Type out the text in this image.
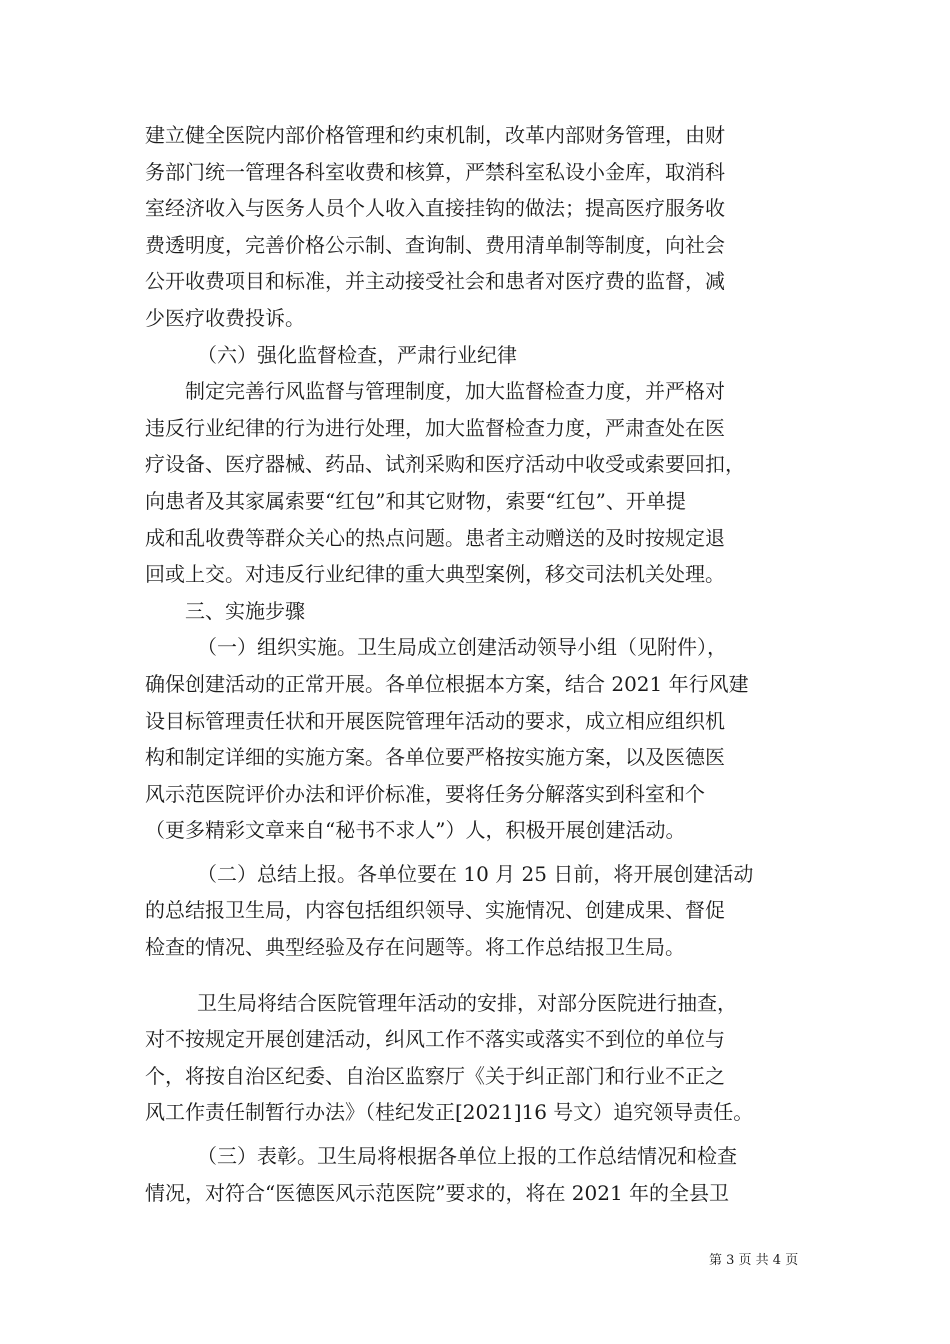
建立健全医院内部价格管理和约束机制，改革内部财务管理，由财
务部门统一管理各科室收费和核算，严禁科室私设小金库，取消科
室经济收入与医务人员个人收入直接挂钩的做法；提高医疗服务收
费透明度，完善价格公示制、查询制、费用清单制等制度，向社会
公开收费项目和标准，并主动接受社会和患者对医疗费的监督，减
少医疗收费投诉。

（六）强化监督检查，严肃行业纪律

制定完善行风监督与管理制度，加大监督检查力度，并严格对
违反行业纪律的行为进行处理，加大监督检查力度，严肃查处在医
疗设备、医疗器械、药品、试剂采购和医疗活动中收受或索要回扣，
向患者及其家属索要“红包”和其它财物，索要“红包”、开单提
成和乱收费等群众关心的热点问题。患者主动赠送的及时按规定退
回或上交。对违反行业纪律的重大典型案例，移交司法机关处理。

三、实施步骤

（一）组织实施。卫生局成立创建活动领导小组（见附件），
确保创建活动的正常开展。各单位根据本方案，结合 2021 年行风建
设目标管理责任状和开展医院管理年活动的要求，成立相应组织机
构和制定详细的实施方案。各单位要严格按实施方案，以及医德医
风示范医院评价办法和评价标准，要将任务分解落实到科室和个
（更多精彩文章来自“秘书不求人”）人，积极开展创建活动。

（二）总结上报。各单位要在 10 月 25 日前，将开展创建活动
的总结报卫生局，内容包括组织领导、实施情况、创建成果、督促
检查的情况、典型经验及存在问题等。将工作总结报卫生局。

卫生局将结合医院管理年活动的安排，对部分医院进行抽查，
对不按规定开展创建活动，纠风工作不落实或落实不到位的单位与
个，将按自治区纪委、自治区监察厅《关于纠正部门和行业不正之
风工作责任制暂行办法》（桂纪发正[2021]16 号文）追究领导责任。

（三）表彰。卫生局将根据各单位上报的工作总结情况和检查
情况，对符合“医德医风示范医院”要求的，将在 2021 年的全县卫

第 3 页 共 4 页
